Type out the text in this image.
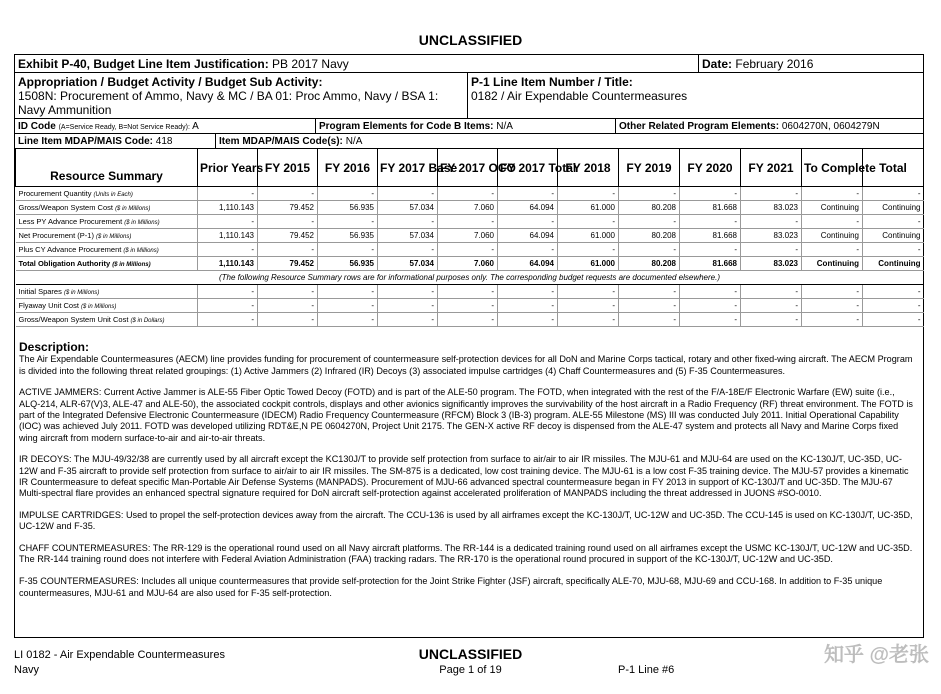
UNCLASSIFIED
Exhibit P-40, Budget Line Item Justification: PB 2017 Navy	Date: February 2016
Appropriation / Budget Activity / Budget Sub Activity:
1508N: Procurement of Ammo, Navy & MC / BA 01: Proc Ammo, Navy / BSA 1:
Navy Ammunition
P-1 Line Item Number / Title:
0182 / Air Expendable Countermeasures
ID Code (A=Service Ready, B=Not Service Ready): A	Program Elements for Code B Items: N/A	Other Related Program Elements: 0604270N, 0604279N
Line Item MDAP/MAIS Code: 418	Item MDAP/MAIS Code(s): N/A
Resource Summary	Prior Years	FY 2015	FY 2016	FY 2017 Base	FY 2017 OCO	FY 2017 Total	FY 2018	FY 2019	FY 2020	FY 2021	To Complete	Total
Procurement Quantity (Units in Each)	-	-	-	-	-	-	-	-	-	-	-	-
Gross/Weapon System Cost ($ in Millions)	1,110.143	79.452	56.935	57.034	7.060	64.094	61.000	80.208	81.668	83.023	Continuing	Continuing
Less PY Advance Procurement ($ in Millions)	-	-	-	-	-	-	-	-	-	-	-	-
Net Procurement (P-1) ($ in Millions)	1,110.143	79.452	56.935	57.034	7.060	64.094	61.000	80.208	81.668	83.023	Continuing	Continuing
Plus CY Advance Procurement ($ in Millions)	-	-	-	-	-	-	-	-	-	-	-	-
Total Obligation Authority ($ in Millions)	1,110.143	79.452	56.935	57.034	7.060	64.094	61.000	80.208	81.668	83.023	Continuing	Continuing
(The following Resource Summary rows are for informational purposes only. The corresponding budget requests are documented elsewhere.)												
Initial Spares ($ in Millions)	-	-	-	-	-	-	-	-	-	-	-	-
Flyaway Unit Cost ($ in Millions)	-	-	-	-	-	-	-	-	-	-	-	-
Gross/Weapon System Unit Cost ($ in Dollars)	-	-	-	-	-	-	-	-	-	-	-	-
Description:

The Air Expendable Countermeasures (AECM) line provides funding for procurement of countermeasure self-protection devices for all DoN and Marine Corps tactical, rotary and other fixed-wing aircraft. The AECM Program is divided into the following threat related groupings: (1) Active Jammers (2) Infrared (IR) Decoys (3) associated impulse cartridges (4) Chaff Countermeasures and (5) F-35 Countermeasures.

ACTIVE JAMMERS: Current Active Jammer is ALE-55 Fiber Optic Towed Decoy (FOTD) and is part of the ALE-50 program. The FOTD, when integrated with the rest of the F/A-18E/F Electronic Warfare (EW) suite (i.e., ALQ-214, ALR-67(V)3, ALE-47 and ALE-50), the associated cockpit controls, displays and other avionics significantly improves the survivability of the host aircraft in a Radio Frequency (RF) threat environment. The FOTD is part of the Integrated Defensive Electronic Countermeasure (IDECM) Radio Frequency Countermeasure (RFCM) Block 3 (IB-3) program. ALE-55 Milestone (MS) III was conducted July 2011. Initial Operational Capability (IOC) was achieved July 2011. FOTD was developed utilizing RDT&E,N PE 0604270N, Project Unit 2175. The GEN-X active RF decoy is dispensed from the ALE-47 system and protects all Navy and Marine Corps fixed wing aircraft from modern surface-to-air and air-to-air threats.

IR DECOYS: The MJU-49/32/38 are currently used by all aircraft except the KC130J/T to provide self protection from surface to air/air to air IR missiles. The MJU-61 and MJU-64 are used on the KC-130J/T, UC-35D, UC-12W and F-35 aircraft to provide self protection from surface to air/air to air IR missiles. The SM-875 is a dedicated, low cost training device. The MJU-61 is a low cost F-35 training device. The MJU-57 provides a kinematic IR Countermeasure to defeat specific Man-Portable Air Defense Systems (MANPADS). Procurement of MJU-66 advanced spectral countermeasure began in FY 2013 in support of KC-130J/T and UC-35D. The MJU-67 Multi-spectral flare provides an enhanced spectral signature required for DoN aircraft self-protection against accelerated proliferation of MANPADS including the threat addressed in JUONS #SO-0010.

IMPULSE CARTRIDGES: Used to propel the self-protection devices away from the aircraft. The CCU-136 is used by all airframes except the KC-130J/T, UC-12W and UC-35D. The CCU-145 is used on KC-130J/T, UC-35D, UC-12W and F-35.

CHAFF COUNTERMEASURES: The RR-129 is the operational round used on all Navy aircraft platforms. The RR-144 is a dedicated training round used on all airframes except the USMC KC-130J/T, UC-12W and UC-35D. The RR-144 training round does not interfere with Federal Aviation Administration (FAA) tracking radars. The RR-170 is the operational round procured in support of the KC-130J/T, UC-12W and UC-35D.

F-35 COUNTERMEASURES: Includes all unique countermeasures that provide self-protection for the Joint Strike Fighter (JSF) aircraft, specifically ALE-70, MJU-68, MJU-69 and CCU-168. In addition to F-35 unique countermeasures, MJU-61 and MJU-64 are also used for F-35 self-protection.

LI 0182 - Air Expendable Countermeasures
Navy
UNCLASSIFIED
Page 1 of 19	P-1 Line #6
知乎 @老张
